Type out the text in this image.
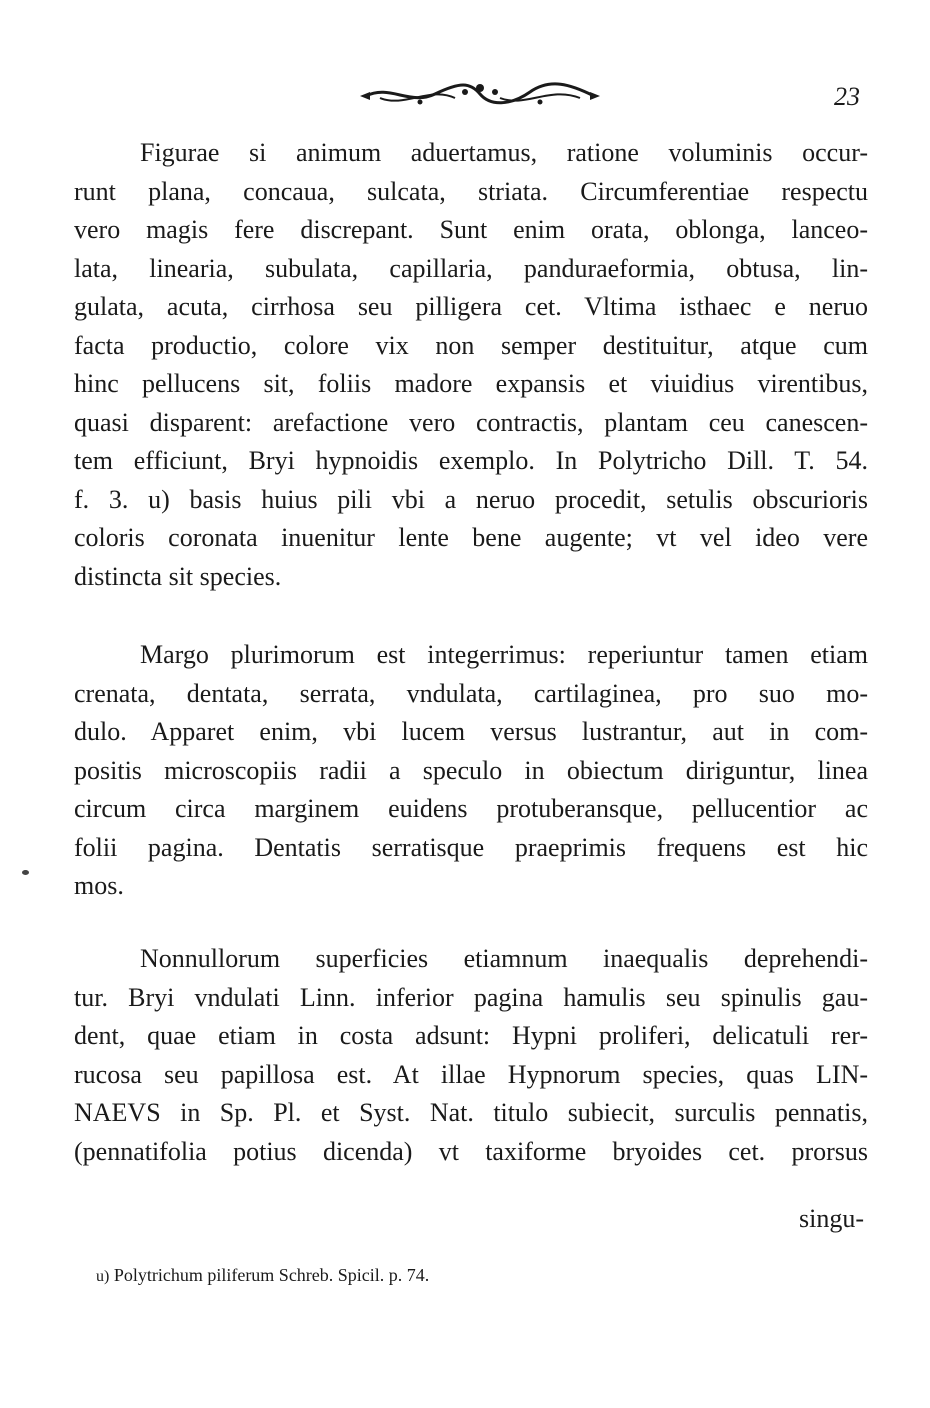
23
Figurae si animum aduertamus, ratione voluminis occur-
runt plana, concaua, sulcata, striata. Circumferentiae respectu
vero magis fere discrepant. Sunt enim orata, oblonga, lanceo-
lata, linearia, subulata, capillaria, panduraeformia, obtusa, lin-
gulata, acuta, cirrhosa seu pilligera cet. Vltima isthaec e neruo
facta productio, colore vix non semper destituitur, atque cum
hinc pellucens sit, foliis madore expansis et viuidius virentibus,
quasi disparent: arefactione vero contractis, plantam ceu canescen-
tem efficiunt, Bryi hypnoidis exemplo. In Polytricho Dill. T. 54.
f. 3. u) basis huius pili vbi a neruo procedit, setulis obscurioris
coloris coronata inuenitur lente bene augente; vt vel ideo vere
distincta sit species.
Margo plurimorum est integerrimus: reperiuntur tamen etiam
crenata, dentata, serrata, vndulata, cartilaginea, pro suo mo-
dulo. Apparet enim, vbi lucem versus lustrantur, aut in com-
positis microscopiis radii a speculo in obiectum diriguntur, linea
circum circa marginem euidens protuberansque, pellucentior ac
folii pagina. Dentatis serratisque praeprimis frequens est hic
mos.
Nonnullorum superficies etiamnum inaequalis deprehendi-
tur. Bryi vndulati Linn. inferior pagina hamulis seu spinulis gau-
dent, quae etiam in costa adsunt: Hypni proliferi, delicatuli rer-
rucosa seu papillosa est. At illae Hypnorum species, quas LIN-
NAEVS in Sp. Pl. et Syst. Nat. titulo subiecit, surculis pennatis,
(pennatifolia potius dicenda) vt taxiforme bryoides cet. prorsus
singu-
u) Polytrichum piliferum Schreb. Spicil. p. 74.
